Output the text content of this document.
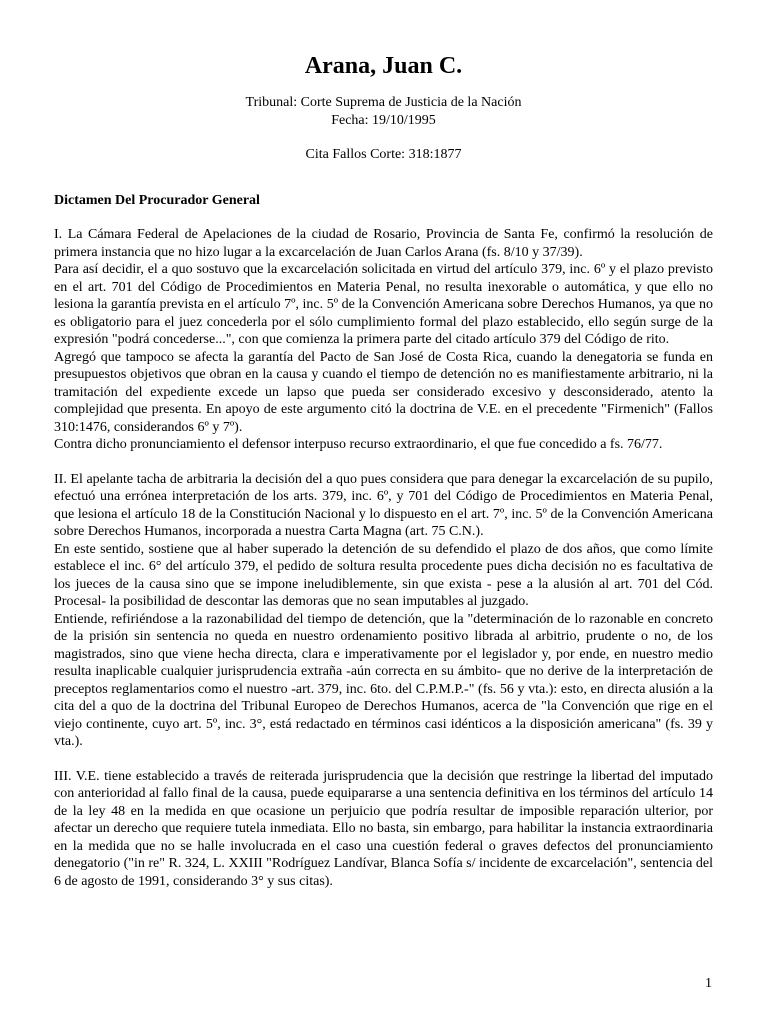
Arana, Juan C.
Tribunal: Corte Suprema de Justicia de la Nación
Fecha: 19/10/1995
Cita Fallos Corte: 318:1877
Dictamen Del Procurador General

I. La Cámara Federal de Apelaciones de la ciudad de Rosario, Provincia de Santa Fe, confirmó la resolución de primera instancia que no hizo lugar a la excarcelación de Juan Carlos Arana (fs. 8/10 y 37/39).

Para así decidir, el a quo sostuvo que la excarcelación solicitada en virtud del artículo 379, inc. 6º y el plazo previsto en el art. 701 del Código de Procedimientos en Materia Penal, no resulta inexorable o automática, y que ello no lesiona la garantía prevista en el artículo 7º, inc. 5º de la Convención Americana sobre Derechos Humanos, ya que no es obligatorio para el juez concederla por el sólo cumplimiento formal del plazo establecido, ello según surge de la expresión "podrá concederse...", con que comienza la primera parte del citado artículo 379 del Código de rito.

Agregó que tampoco se afecta la garantía del Pacto de San José de Costa Rica, cuando la denegatoria se funda en presupuestos objetivos que obran en la causa y cuando el tiempo de detención no es manifiestamente arbitrario, ni la tramitación del expediente excede un lapso que pueda ser considerado excesivo y desconsiderado, atento la complejidad que presenta. En apoyo de este argumento citó la doctrina de V.E. en el precedente "Firmenich" (Fallos 310:1476, considerandos 6º y 7º).

Contra dicho pronunciamiento el defensor interpuso recurso extraordinario, el que fue concedido a fs. 76/77.

II. El apelante tacha de arbitraria la decisión del a quo pues considera que para denegar la excarcelación de su pupilo, efectuó una errónea interpretación de los arts. 379, inc. 6º, y 701 del Código de Procedimientos en Materia Penal, que lesiona el artículo 18 de la Constitución Nacional y lo dispuesto en el art. 7º, inc. 5º de la Convención Americana sobre Derechos Humanos, incorporada a nuestra Carta Magna (art. 75 C.N.).

En este sentido, sostiene que al haber superado la detención de su defendido el plazo de dos años, que como límite establece el inc. 6° del artículo 379, el pedido de soltura resulta procedente pues dicha decisión no es facultativa de los jueces de la causa sino que se impone ineludiblemente, sin que exista - pese a la alusión al art. 701 del Cód. Procesal- la posibilidad de descontar las demoras que no sean imputables al juzgado.

Entiende, refiriéndose a la razonabilidad del tiempo de detención, que la "determinación de lo razonable en concreto de la prisión sin sentencia no queda en nuestro ordenamiento positivo librada al arbitrio, prudente o no, de los magistrados, sino que viene hecha directa, clara e imperativamente por el legislador y, por ende, en nuestro medio resulta inaplicable cualquier jurisprudencia extraña -aún correcta en su ámbito- que no derive de la interpretación de preceptos reglamentarios como el nuestro -art. 379, inc. 6to. del C.P.M.P.-" (fs. 56 y vta.): esto, en directa alusión a la cita del a quo de la doctrina del Tribunal Europeo de Derechos Humanos, acerca de "la Convención que rige en el viejo continente, cuyo art. 5º, inc. 3°, está redactado en términos casi idénticos a la disposición americana" (fs. 39 y vta.).

III. V.E. tiene establecido a través de reiterada jurisprudencia que la decisión que restringe la libertad del imputado con anterioridad al fallo final de la causa, puede equipararse a una sentencia definitiva en los términos del artículo 14 de la ley 48 en la medida en que ocasione un perjuicio que podría resultar de imposible reparación ulterior, por afectar un derecho que requiere tutela inmediata. Ello no basta, sin embargo, para habilitar la instancia extraordinaria en la medida que no se halle involucrada en el caso una cuestión federal o graves defectos del pronunciamiento denegatorio ("in re" R. 324, L. XXIII "Rodríguez Landívar, Blanca Sofía s/ incidente de excarcelación", sentencia del 6 de agosto de 1991, considerando 3° y sus citas).

1
